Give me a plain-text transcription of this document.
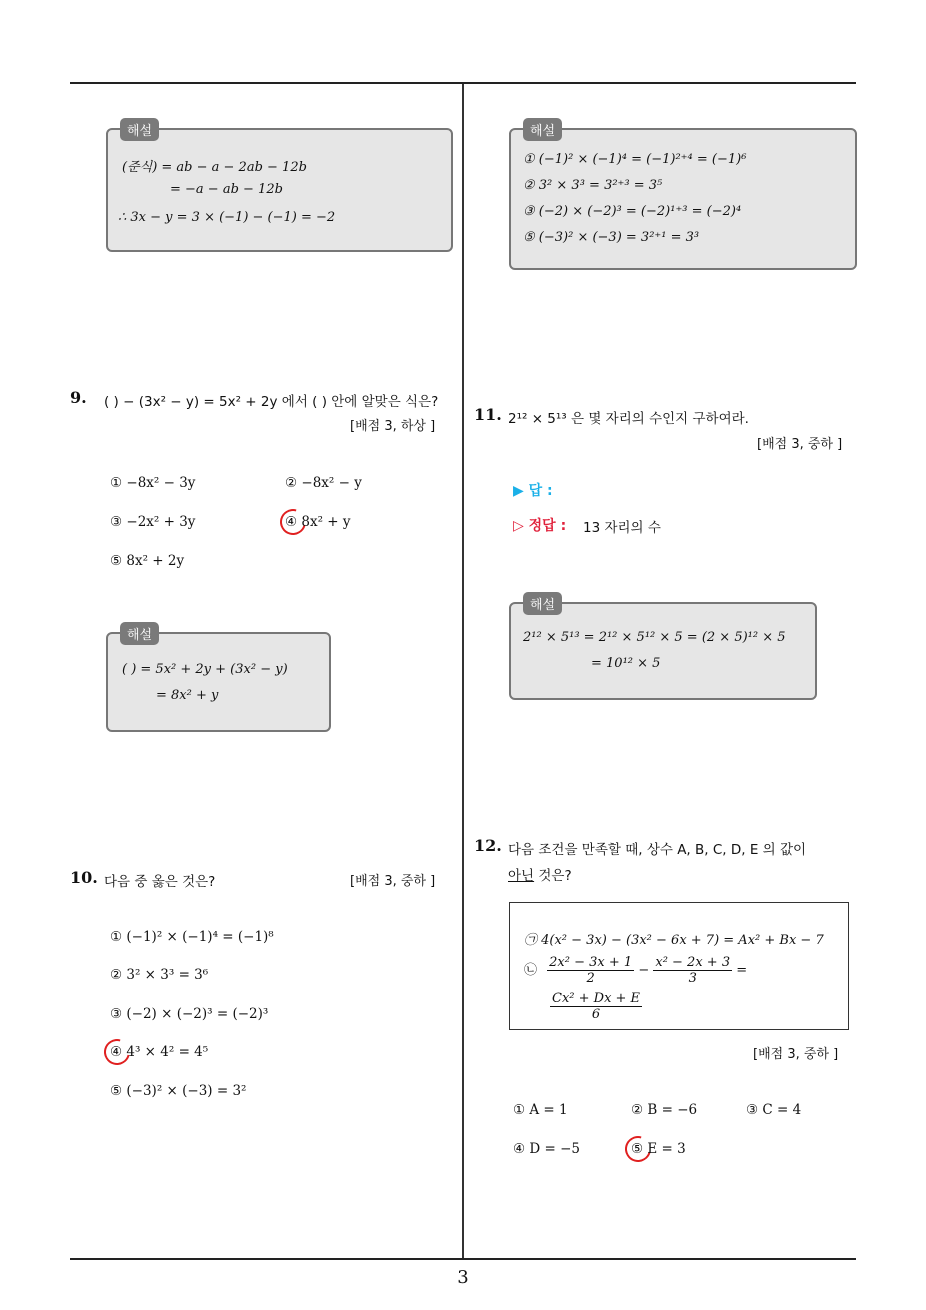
3
해설
(준식) = ab − a − 2ab − 12b
= −a − ab − 12b
∴ 3x − y = 3 × (−1) − (−1) = −2
9. ( ) − (3x² − y) = 5x² + 2y 에서 ( ) 안에 알맞은 식은?
[배점 3, 하상 ]
① −8x² − 3y	② −8x² − y
③ −2x² + 3y	④ 8x² + y
⑤ 8x² + 2y
해설
( ) = 5x² + 2y + (3x² − y)
= 8x² + y
10. 다음 중 옳은 것은?	[배점 3, 중하 ]
① (−1)² × (−1)⁴ = (−1)⁸
② 3² × 3³ = 3⁶
③ (−2) × (−2)³ = (−2)³
④ 4³ × 4² = 4⁵
⑤ (−3)² × (−3) = 3²
해설
① (−1)² × (−1)⁴ = (−1)²⁺⁴ = (−1)⁶
② 3² × 3³ = 3²⁺³ = 3⁵
③ (−2) × (−2)³ = (−2)¹⁺³ = (−2)⁴
⑤ (−3)² × (−3) = 3²⁺¹ = 3³
11. 2¹² × 5¹³ 은 몇 자리의 수인지 구하여라.
[배점 3, 중하 ]
▶ 답 :
▷ 정답 : 13 자리의 수
해설
2¹² × 5¹³ = 2¹² × 5¹² × 5 = (2 × 5)¹² × 5
= 10¹² × 5
12. 다음 조건을 만족할 때, 상수 A, B, C, D, E 의 값이
아닌 것은?
㉠ 4(x² − 3x) − (3x² − 6x + 7) = Ax² + Bx − 7
㉡ $\frac{\text{2x² − 3x + 1}}{2} - \frac{\text{x² − 2x + 3}}{3}$ =
$\frac{\text{Cx² + Dx + E}}{6}$
[배점 3, 중하 ]
① A = 1	② B = −6	③ C = 4
④ D = −5	⑤ E = 3
